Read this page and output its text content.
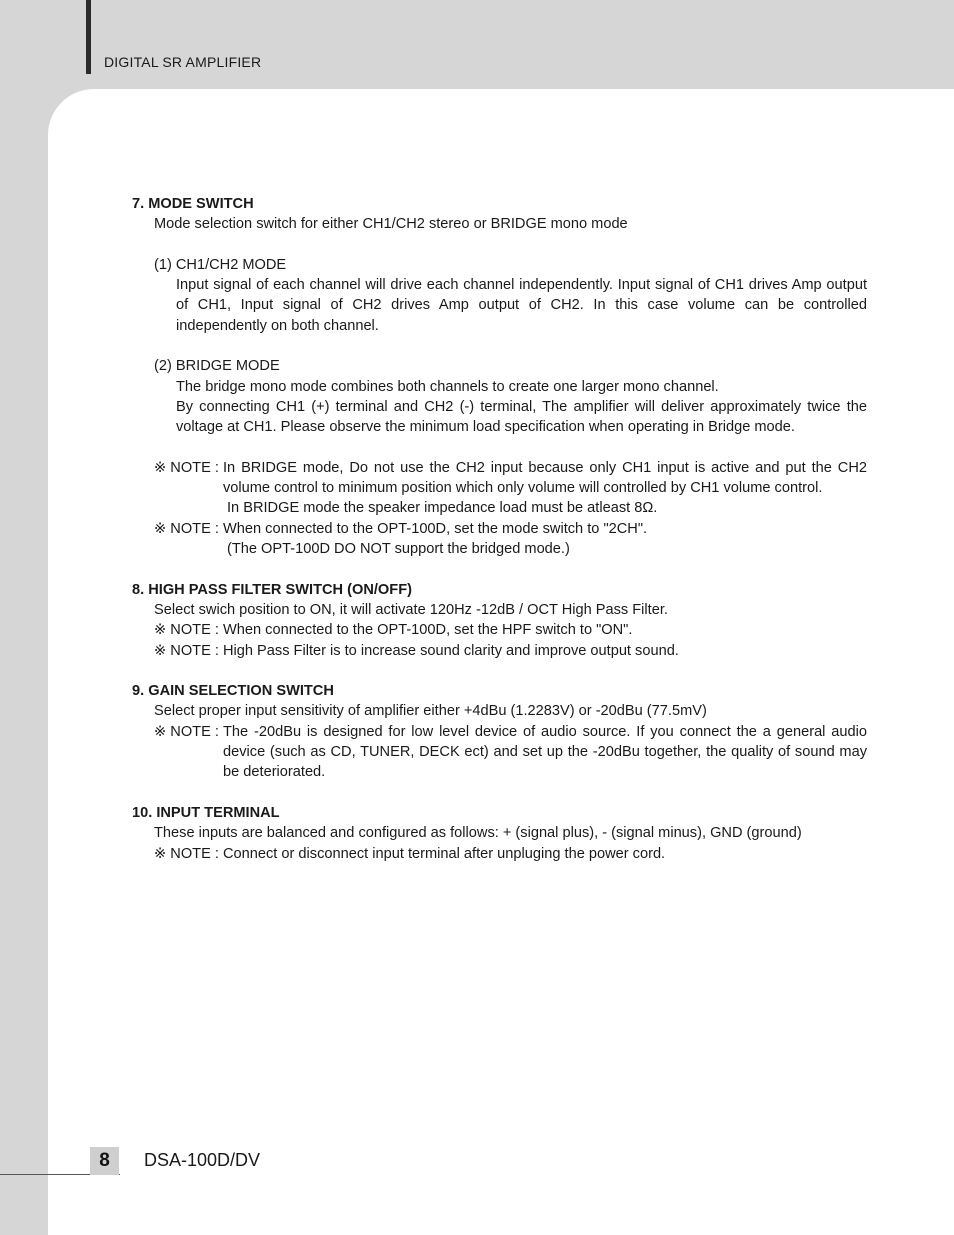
DIGITAL SR AMPLIFIER
7. MODE SWITCH
Mode selection switch for either CH1/CH2 stereo or BRIDGE mono mode
(1) CH1/CH2 MODE
Input signal of each channel will drive each channel independently. Input signal of CH1 drives Amp output of CH1, Input signal of CH2 drives Amp output of CH2. In this case volume can be controlled independently on both channel.
(2) BRIDGE MODE
The bridge mono mode combines both channels to create one larger mono channel.
By connecting CH1 (+) terminal and CH2 (-) terminal, The amplifier will deliver approximately twice the voltage at CH1. Please observe the minimum load specification when operating in Bridge mode.
※ NOTE : In BRIDGE mode, Do not use the CH2 input because only CH1 input is active and put the CH2 volume control to minimum position which only volume will controlled by CH1 volume control.
In BRIDGE mode the speaker impedance load must be atleast 8Ω.
※ NOTE : When connected to the OPT-100D, set the mode switch to "2CH".
(The OPT-100D DO NOT support the bridged mode.)
8. HIGH PASS FILTER SWITCH (ON/OFF)
Select swich position to ON, it will activate 120Hz -12dB / OCT High Pass Filter.
※ NOTE : When connected to the OPT-100D, set the HPF switch to "ON".
※ NOTE : High Pass Filter is to increase sound clarity and improve output sound.
9. GAIN SELECTION SWITCH
Select proper input sensitivity of amplifier either +4dBu (1.2283V) or -20dBu (77.5mV)
※ NOTE : The -20dBu is designed for low level device of audio source. If you connect the a general audio device (such as CD, TUNER, DECK ect) and set up the -20dBu together, the quality of sound may be deteriorated.
10. INPUT TERMINAL
These inputs are balanced and configured as follows: + (signal plus), - (signal minus), GND (ground)
※ NOTE : Connect or disconnect input terminal after unpluging the power cord.
8	DSA-100D/DV
